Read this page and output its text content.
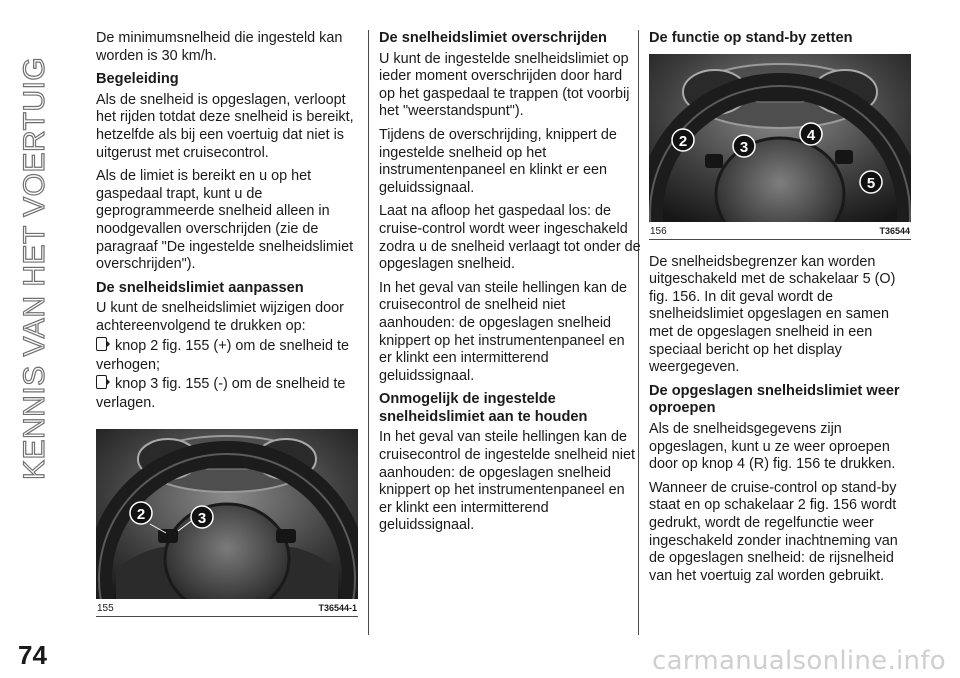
KENNIS VAN HET VOERTUIG
74	carmanualsonline.info

De minimumsnelheid die ingesteld kan worden is 30 km/h.

Begeleiding

Als de snelheid is opgeslagen, verloopt het rijden totdat deze snelheid is bereikt, hetzelfde als bij een voertuig dat niet is uitgerust met cruisecontrol.

Als de limiet is bereikt en u op het gaspedaal trapt, kunt u de geprogrammeerde snelheid alleen in noodgevallen overschrijden (zie de paragraaf "De ingestelde snelheidslimiet overschrijden").

De snelheidslimiet aanpassen

U kunt de snelheidslimiet wijzigen door achtereenvolgend te drukken op:

knop 2 fig. 155 (+) om de snelheid te verhogen;
knop 3 fig. 155 (-) om de snelheid te verlagen.
888
2	3
155	T36544-1
De snelheidslimiet overschrijden

U kunt de ingestelde snelheidslimiet op ieder moment overschrijden door hard op het gaspedaal te trappen (tot voorbij het "weerstandspunt").

Tijdens de overschrijding, knippert de ingestelde snelheid op het instrumentenpaneel en klinkt er een geluidssignaal.

Laat na afloop het gaspedaal los: de cruise-control wordt weer ingeschakeld zodra u de snelheid verlaagt tot onder de opgeslagen snelheid.

In het geval van steile hellingen kan de cruisecontrol de snelheid niet aanhouden: de opgeslagen snelheid knippert op het instrumentenpaneel en er klinkt een intermitterend geluidssignaal.

Onmogelijk de ingestelde snelheidslimiet aan te houden

In het geval van steile hellingen kan de cruisecontrol de ingestelde snelheid niet aanhouden: de opgeslagen snelheid knippert op het instrumentenpaneel en er klinkt een intermitterend geluidssignaal.

De functie op stand-by zetten
888
2	3
4
5
156	T36544

De snelheidsbegrenzer kan worden uitgeschakeld met de schakelaar 5 (O) fig. 156. In dit geval wordt de snelheidslimiet opgeslagen en samen met de opgeslagen snelheid in een speciaal bericht op het display weergegeven.

De opgeslagen snelheidslimiet weer oproepen

Als de snelheidsgegevens zijn opgeslagen, kunt u ze weer oproepen door op knop 4 (R) fig. 156 te drukken.

Wanneer de cruise-control op stand-by staat en op schakelaar 2 fig. 156 wordt gedrukt, wordt de regelfunctie weer ingeschakeld zonder inachtneming van de opgeslagen snelheid: de rijsnelheid van het voertuig zal worden gebruikt.
